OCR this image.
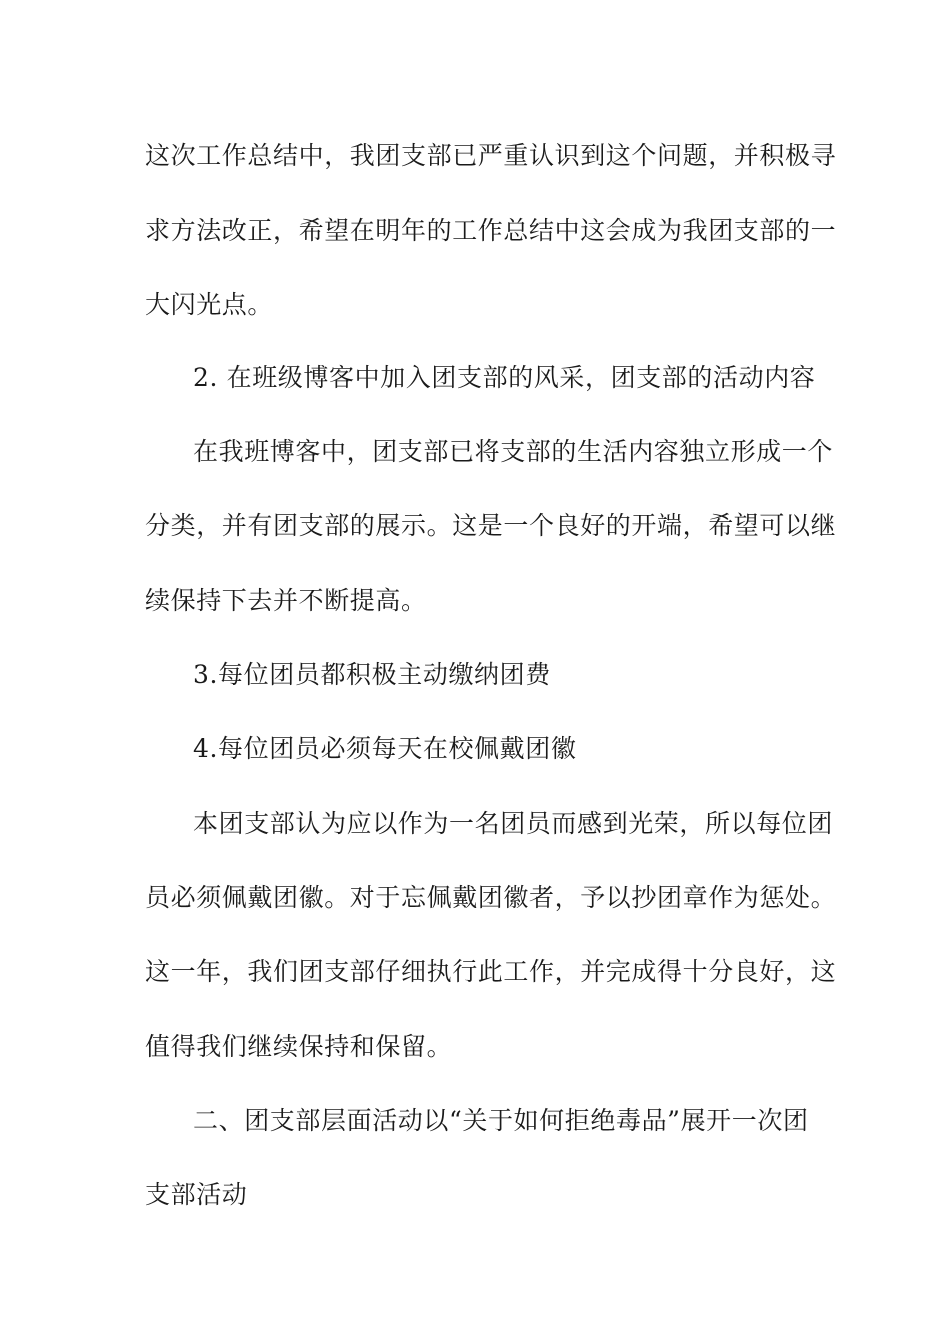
这次工作总结中，我团支部已严重认识到这个问题，并积极寻
求方法改正，希望在明年的工作总结中这会成为我团支部的一
大闪光点。
2. 在班级博客中加入团支部的风采，团支部的活动内容
在我班博客中，团支部已将支部的生活内容独立形成一个
分类，并有团支部的展示。这是一个良好的开端，希望可以继
续保持下去并不断提高。
3.每位团员都积极主动缴纳团费
4.每位团员必须每天在校佩戴团徽
本团支部认为应以作为一名团员而感到光荣，所以每位团
员必须佩戴团徽。对于忘佩戴团徽者，予以抄团章作为惩处。
这一年，我们团支部仔细执行此工作，并完成得十分良好，这
值得我们继续保持和保留。
二、团支部层面活动以“关于如何拒绝毒品”展开一次团
支部活动
